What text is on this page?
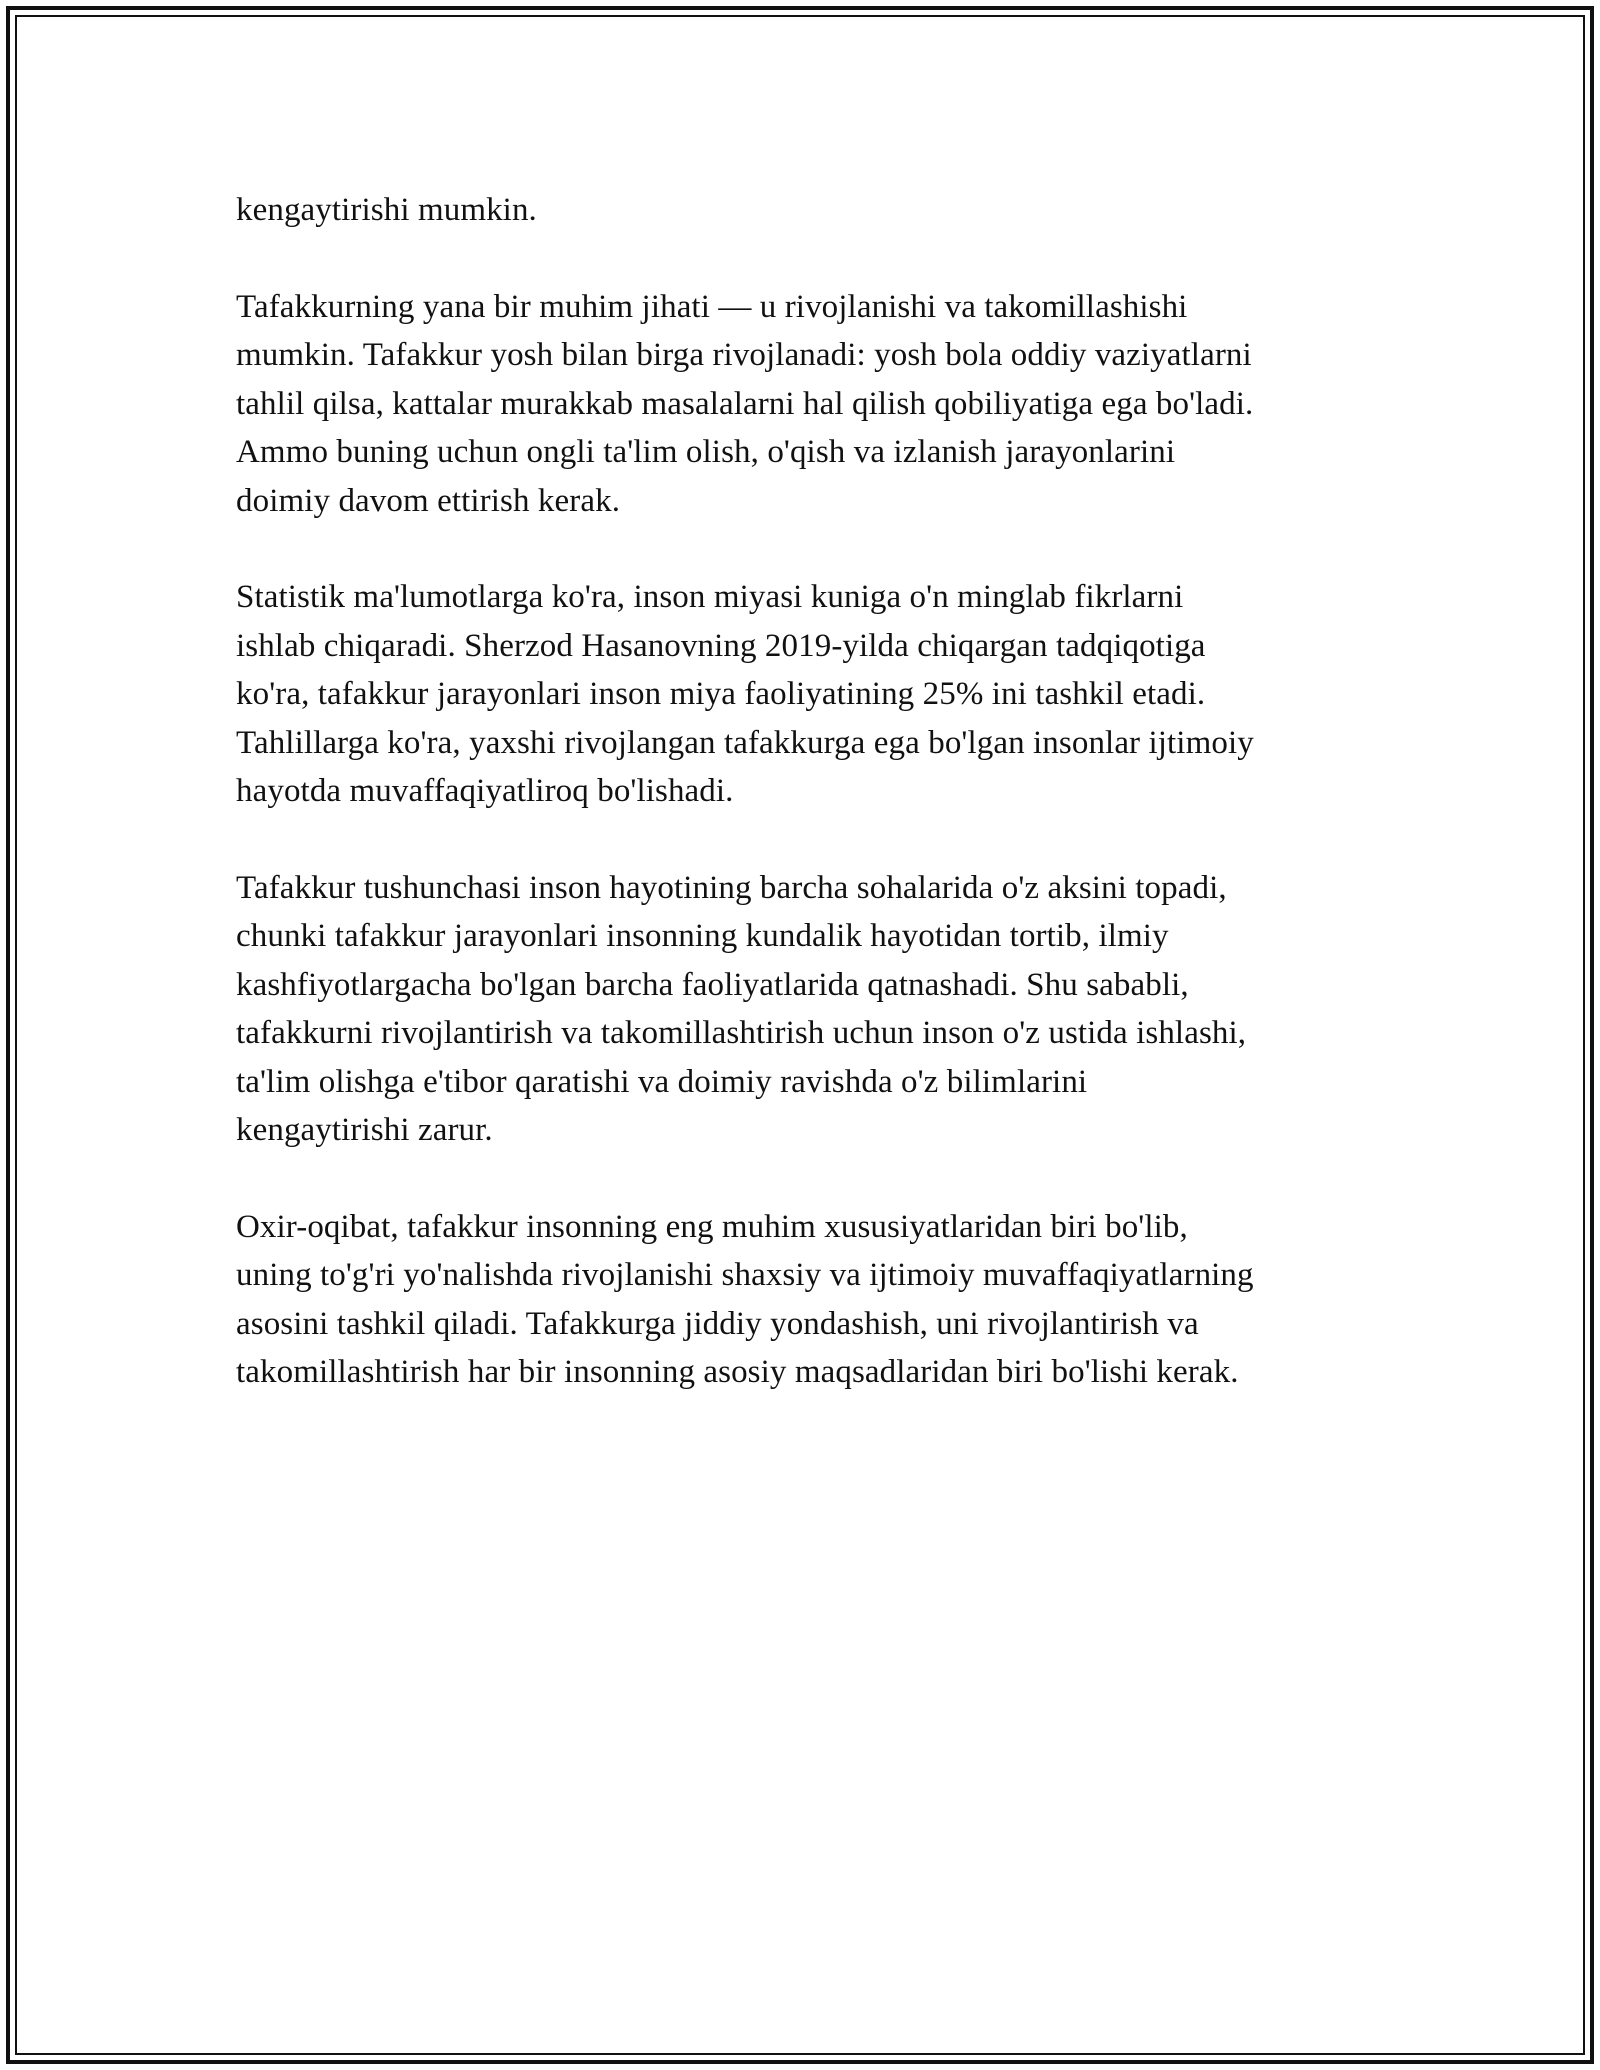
kengaytirishi mumkin.

Tafakkurning yana bir muhim jihati — u rivojlanishi va takomillashishi
mumkin. Tafakkur yosh bilan birga rivojlanadi: yosh bola oddiy vaziyatlarni
tahlil qilsa, kattalar murakkab masalalarni hal qilish qobiliyatiga ega bo'ladi.
Ammo buning uchun ongli ta'lim olish, o'qish va izlanish jarayonlarini
doimiy davom ettirish kerak.

Statistik ma'lumotlarga ko'ra, inson miyasi kuniga o'n minglab fikrlarni
ishlab chiqaradi. Sherzod Hasanovning 2019-yilda chiqargan tadqiqotiga
ko'ra, tafakkur jarayonlari inson miya faoliyatining 25% ini tashkil etadi.
Tahlillarga ko'ra, yaxshi rivojlangan tafakkurga ega bo'lgan insonlar ijtimoiy
hayotda muvaffaqiyatliroq bo'lishadi.

Tafakkur tushunchasi inson hayotining barcha sohalarida o'z aksini topadi,
chunki tafakkur jarayonlari insonning kundalik hayotidan tortib, ilmiy
kashfiyotlargacha bo'lgan barcha faoliyatlarida qatnashadi. Shu sababli,
tafakkurni rivojlantirish va takomillashtirish uchun inson o'z ustida ishlashi,
ta'lim olishga e'tibor qaratishi va doimiy ravishda o'z bilimlarini
kengaytirishi zarur.

Oxir-oqibat, tafakkur insonning eng muhim xususiyatlaridan biri bo'lib,
uning to'g'ri yo'nalishda rivojlanishi shaxsiy va ijtimoiy muvaffaqiyatlarning
asosini tashkil qiladi. Tafakkurga jiddiy yondashish, uni rivojlantirish va
takomillashtirish har bir insonning asosiy maqsadlaridan biri bo'lishi kerak.
